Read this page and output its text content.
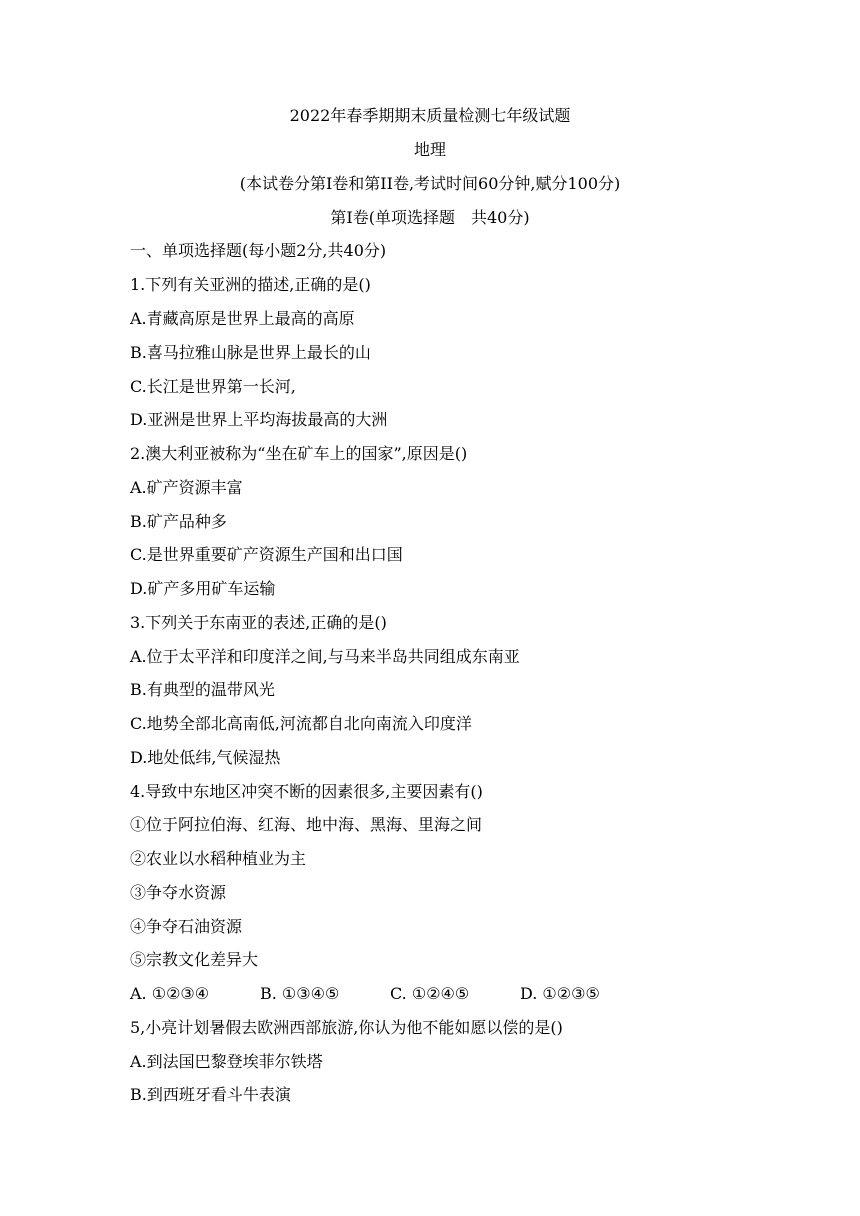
2022年春季期期末质量检测七年级试题
地理
(本试卷分第I卷和第II卷,考试时间60分钟,赋分100分)
第I卷(单项选择题　共40分)
一、单项选择题(每小题2分,共40分)
1.下列有关亚洲的描述,正确的是()
A.青藏高原是世界上最高的高原
B.喜马拉雅山脉是世界上最长的山
C.长江是世界第一长河,
D.亚洲是世界上平均海拔最高的大洲
2.澳大利亚被称为“坐在矿车上的国家”,原因是()
A.矿产资源丰富
B.矿产品种多
C.是世界重要矿产资源生产国和出口国
D.矿产多用矿车运输
3.下列关于东南亚的表述,正确的是()
A.位于太平洋和印度洋之间,与马来半岛共同组成东南亚
B.有典型的温带风光
C.地势全部北高南低,河流都自北向南流入印度洋
D.地处低纬,气候湿热
4.导致中东地区冲突不断的因素很多,主要因素有()
①位于阿拉伯海、红海、地中海、黑海、里海之间
②农业以水稻种植业为主
③争夺水资源
④争夺石油资源
⑤宗教文化差异大
A. ①②③④	B. ①③④⑤	C. ①②④⑤	D. ①②③⑤
5,小亮计划暑假去欧洲西部旅游,你认为他不能如愿以偿的是()
A.到法国巴黎登埃菲尔铁塔
B.到西班牙看斗牛表演
